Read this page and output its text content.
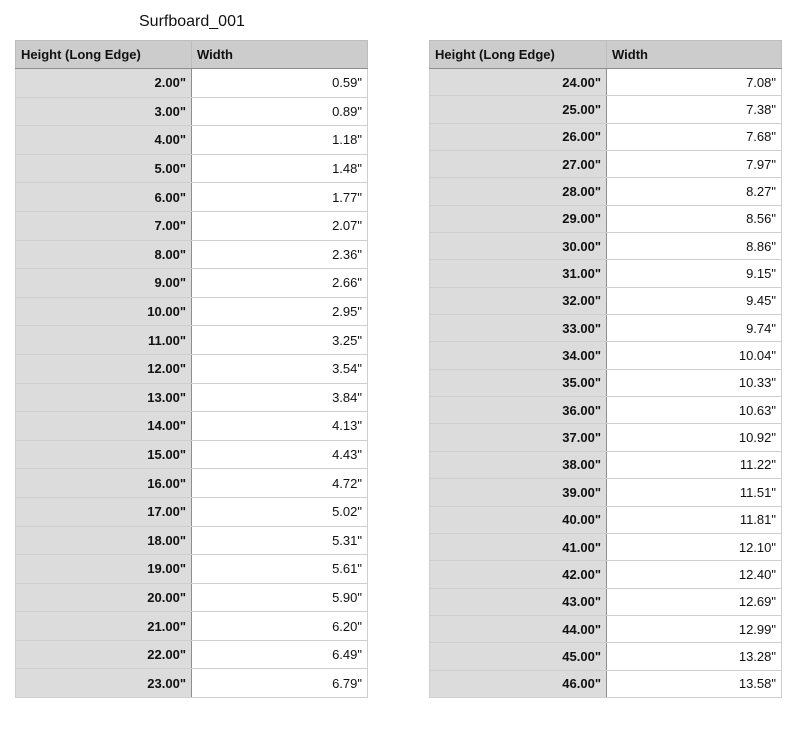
Surfboard_001
Height (Long Edge)	Width
2.00"	0.59"
3.00"	0.89"
4.00"	1.18"
5.00"	1.48"
6.00"	1.77"
7.00"	2.07"
8.00"	2.36"
9.00"	2.66"
10.00"	2.95"
11.00"	3.25"
12.00"	3.54"
13.00"	3.84"
14.00"	4.13"
15.00"	4.43"
16.00"	4.72"
17.00"	5.02"
18.00"	5.31"
19.00"	5.61"
20.00"	5.90"
21.00"	6.20"
22.00"	6.49"
23.00"	6.79"
Height (Long Edge)	Width
24.00"	7.08"
25.00"	7.38"
26.00"	7.68"
27.00"	7.97"
28.00"	8.27"
29.00"	8.56"
30.00"	8.86"
31.00"	9.15"
32.00"	9.45"
33.00"	9.74"
34.00"	10.04"
35.00"	10.33"
36.00"	10.63"
37.00"	10.92"
38.00"	11.22"
39.00"	11.51"
40.00"	11.81"
41.00"	12.10"
42.00"	12.40"
43.00"	12.69"
44.00"	12.99"
45.00"	13.28"
46.00"	13.58"
